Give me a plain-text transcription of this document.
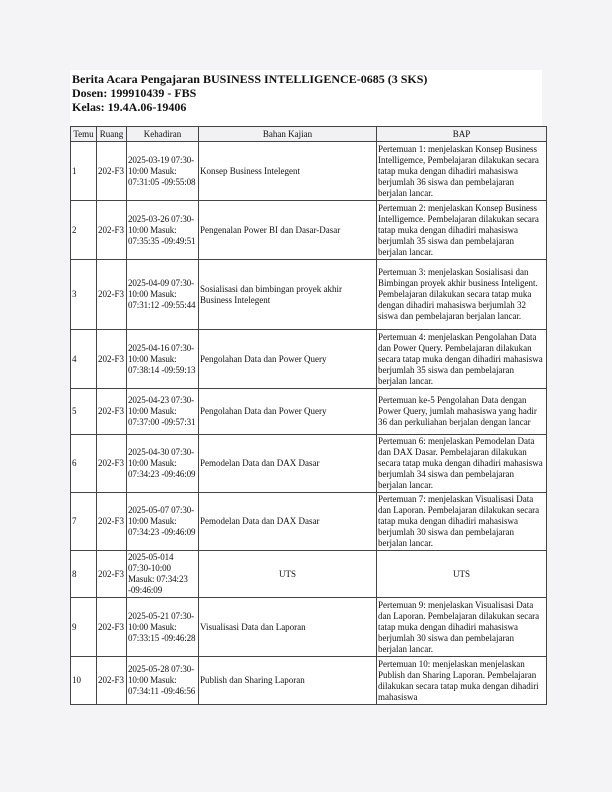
Berita Acara Pengajaran BUSINESS INTELLIGENCE-0685 (3 SKS)
Dosen: 199910439 - FBS
Kelas: 19.4A.06-19406
Temu	Ruang	Kehadiran	Bahan Kajian	BAP
1	202-F3	2025-03-19 07:30-10:00 Masuk: 07:31:05 -09:55:08	Konsep Business Intelegent	Pertemuan 1: menjelaskan Konsep Business Intelligemce, Pembelajaran dilakukan secara tatap muka dengan dihadiri mahasiswa berjumlah 36 siswa dan pembelajaran berjalan lancar.
2	202-F3	2025-03-26 07:30-10:00 Masuk: 07:35:35 -09:49:51	Pengenalan Power BI dan Dasar-Dasar	Pertemuan 2: menjelaskan Konsep Business Intelligemce. Pembelajaran dilakukan secara tatap muka dengan dihadiri mahasiswa berjumlah 35 siswa dan pembelajaran berjalan lancar.
3	202-F3	2025-04-09 07:30-10:00 Masuk: 07:31:12 -09:55:44	Sosialisasi dan bimbingan proyek akhir Business Intelegent	Pertemuan 3: menjelaskan Sosialisasi dan Bimbingan proyek akhir business Inteligent. Pembelajaran dilakukan secara tatap muka dengan dihadiri mahasiswa berjumlah 32 siswa dan pembelajaran berjalan lancar.
4	202-F3	2025-04-16 07:30-10:00 Masuk: 07:38:14 -09:59:13	Pengolahan Data dan Power Query	Pertemuan 4: menjelaskan Pengolahan Data dan Power Query. Pembelajaran dilakukan secara tatap muka dengan dihadiri mahasiswa berjumlah 35 siswa dan pembelajaran berjalan lancar.
5	202-F3	2025-04-23 07:30-10:00 Masuk: 07:37:00 -09:57:31	Pengolahan Data dan Power Query	Pertemuan ke-5 Pengolahan Data dengan Power Query, jumlah mahasiswa yang hadir 36 dan perkuliahan berjalan dengan lancar
6	202-F3	2025-04-30 07:30-10:00 Masuk: 07:34:23 -09:46:09	Pemodelan Data dan DAX Dasar	Pertemuan 6: menjelaskan Pemodelan Data dan DAX Dasar. Pembelajaran dilakukan secara tatap muka dengan dihadiri mahasiswa berjumlah 34 siswa dan pembelajaran berjalan lancar.
7	202-F3	2025-05-07 07:30-10:00 Masuk: 07:34:23 -09:46:09	Pemodelan Data dan DAX Dasar	Pertemuan 7: menjelaskan Visualisasi Data dan Laporan. Pembelajaran dilakukan secara tatap muka dengan dihadiri mahasiswa berjumlah 30 siswa dan pembelajaran berjalan lancar.
8	202-F3	2025-05-014 07:30-10:00 Masuk: 07:34:23 -09:46:09	UTS	UTS
9	202-F3	2025-05-21 07:30-10:00 Masuk: 07:33:15 -09:46:28	Visualisasi Data dan Laporan	Pertemuan 9: menjelaskan Visualisasi Data dan Laporan. Pembelajaran dilakukan secara tatap muka dengan dihadiri mahasiswa berjumlah 30 siswa dan pembelajaran berjalan lancar.
10	202-F3	2025-05-28 07:30-10:00 Masuk: 07:34:11 -09:46:56	Publish dan Sharing Laporan	Pertemuan 10: menjelaskan menjelaskan Publish dan Sharing Laporan. Pembelajaran dilakukan secara tatap muka dengan dihadiri mahasiswa
